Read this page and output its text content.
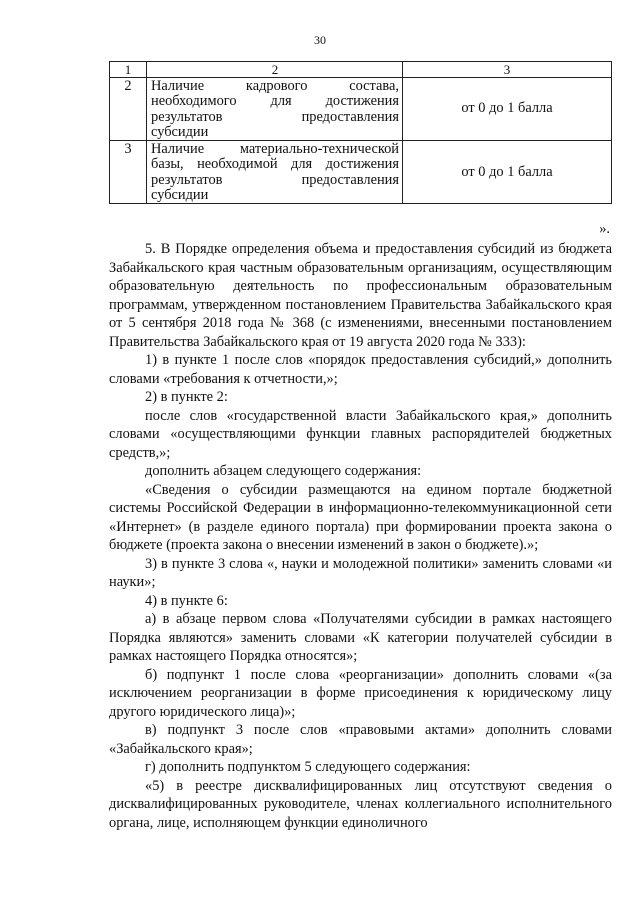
30
1	2	3
2	Наличие кадрового состава,
необходимого для достижения
результатов предоставления
субсидии	от 0 до 1 балла
3	Наличие материально-технической
базы, необходимой для достижения
результатов предоставления
субсидии	от 0 до 1 балла
».

5. В Порядке определения объема и предоставления субсидий из бюджета Забайкальского края частным образовательным организациям, осуществляющим образовательную деятельность по профессиональным образовательным программам, утвержденном постановлением Правительства Забайкальского края от 5 сентября 2018 года № 368 (с изменениями, внесенными постановлением Правительства Забайкальского края от 19 августа 2020 года № 333):

1) в пункте 1 после слов «порядок предоставления субсидий,» дополнить словами «требования к отчетности,»;

2) в пункте 2:

после слов «государственной власти Забайкальского края,» дополнить словами «осуществляющими функции главных распорядителей бюджетных средств,»;

дополнить абзацем следующего содержания:

«Сведения о субсидии размещаются на едином портале бюджетной системы Российской Федерации в информационно-телекоммуникационной сети «Интернет» (в разделе единого портала) при формировании проекта закона о бюджете (проекта закона о внесении изменений в закон о бюджете).»;

3) в пункте 3 слова «, науки и молодежной политики» заменить словами «и науки»;

4) в пункте 6:

а) в абзаце первом слова «Получателями субсидии в рамках настоящего Порядка являются» заменить словами «К категории получателей субсидии в рамках настоящего Порядка относятся»;

б) подпункт 1 после слова «реорганизации» дополнить словами «(за исключением реорганизации в форме присоединения к юридическому лицу другого юридического лица)»;

в) подпункт 3 после слов «правовыми актами» дополнить словами «Забайкальского края»;

г) дополнить подпунктом 5 следующего содержания:

«5) в реестре дисквалифицированных лиц отсутствуют сведения о дисквалифицированных руководителе, членах коллегиального исполнительного органа, лице, исполняющем функции единоличного
